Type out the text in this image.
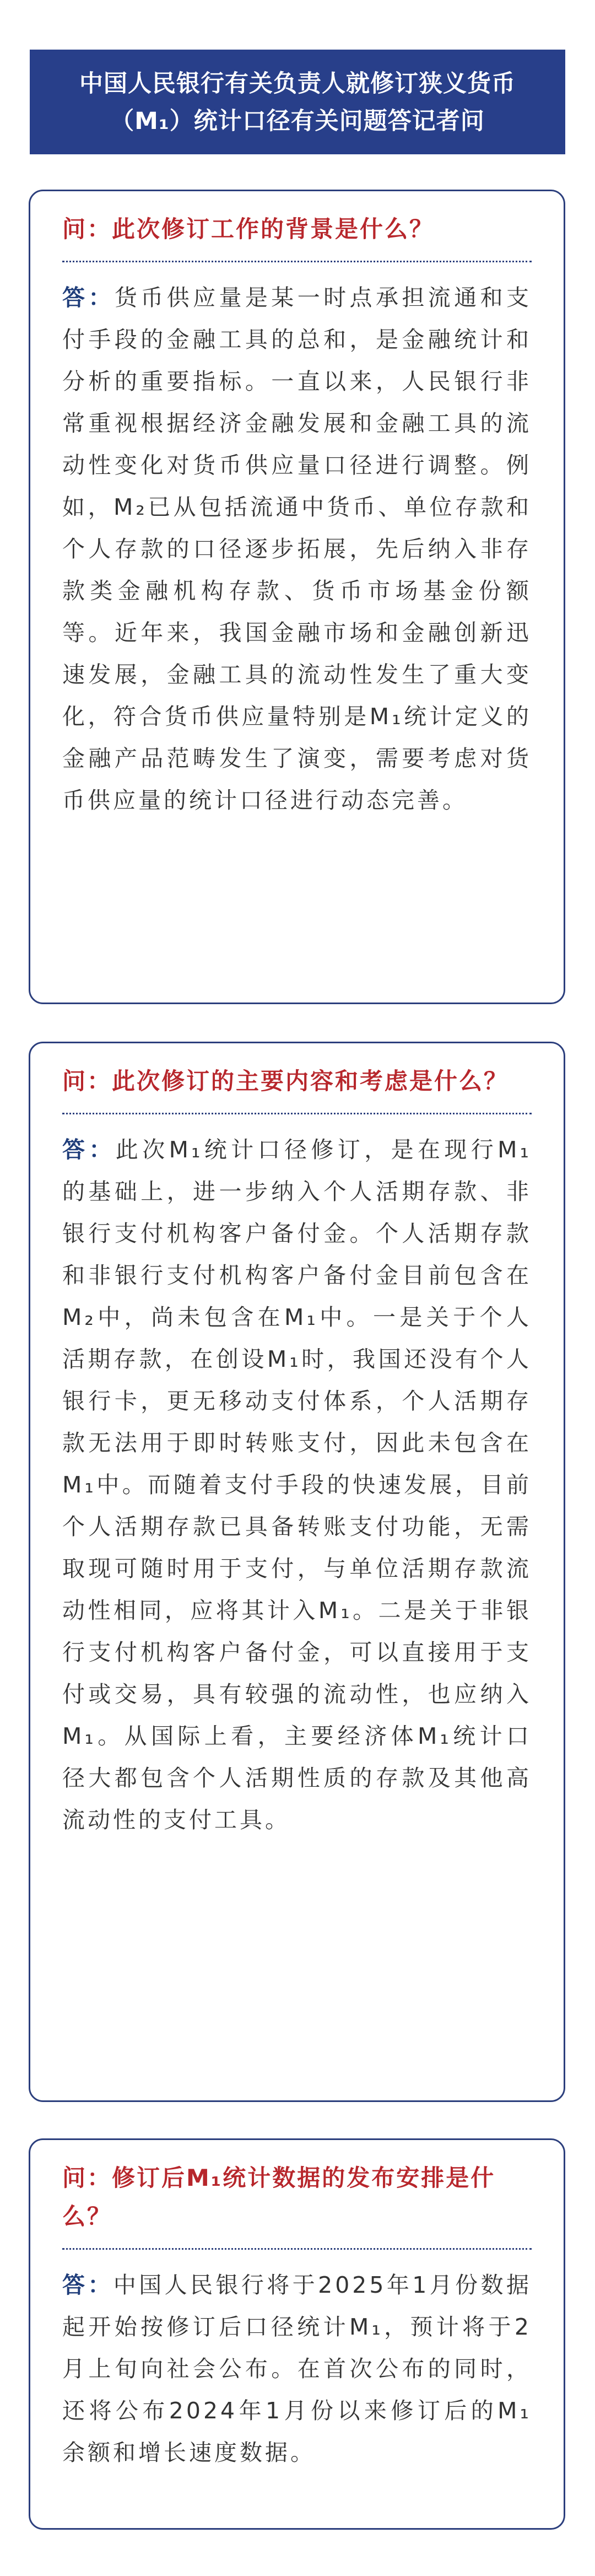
中国人民银行有关负责人就修订狭义货币
（M₁）统计口径有关问题答记者问
问：此次修订工作的背景是什么？
答：货币供应量是某一时点承担流通和支付手段的金融工具的总和，是金融统计和分析的重要指标。一直以来，人民银行非常重视根据经济金融发展和金融工具的流动性变化对货币供应量口径进行调整。例如，M₂已从包括流通中货币、单位存款和个人存款的口径逐步拓展，先后纳入非存款类金融机构存款、货币市场基金份额等。近年来，我国金融市场和金融创新迅速发展，金融工具的流动性发生了重大变化，符合货币供应量特别是M₁统计定义的金融产品范畴发生了演变，需要考虑对货币供应量的统计口径进行动态完善。
问：此次修订的主要内容和考虑是什么？
答：此次M₁统计口径修订，是在现行M₁的基础上，进一步纳入个人活期存款、非银行支付机构客户备付金。个人活期存款和非银行支付机构客户备付金目前包含在M₂中，尚未包含在M₁中。一是关于个人活期存款，在创设M₁时，我国还没有个人银行卡，更无移动支付体系，个人活期存款无法用于即时转账支付，因此未包含在M₁中。而随着支付手段的快速发展，目前个人活期存款已具备转账支付功能，无需取现可随时用于支付，与单位活期存款流动性相同，应将其计入M₁。二是关于非银行支付机构客户备付金，可以直接用于支付或交易，具有较强的流动性，也应纳入M₁。从国际上看，主要经济体M₁统计口径大都包含个人活期性质的存款及其他高流动性的支付工具。
问：修订后M₁统计数据的发布安排是什么？
答：中国人民银行将于2025年1月份数据起开始按修订后口径统计M₁，预计将于2月上旬向社会公布。在首次公布的同时，还将公布2024年1月份以来修订后的M₁余额和增长速度数据。
